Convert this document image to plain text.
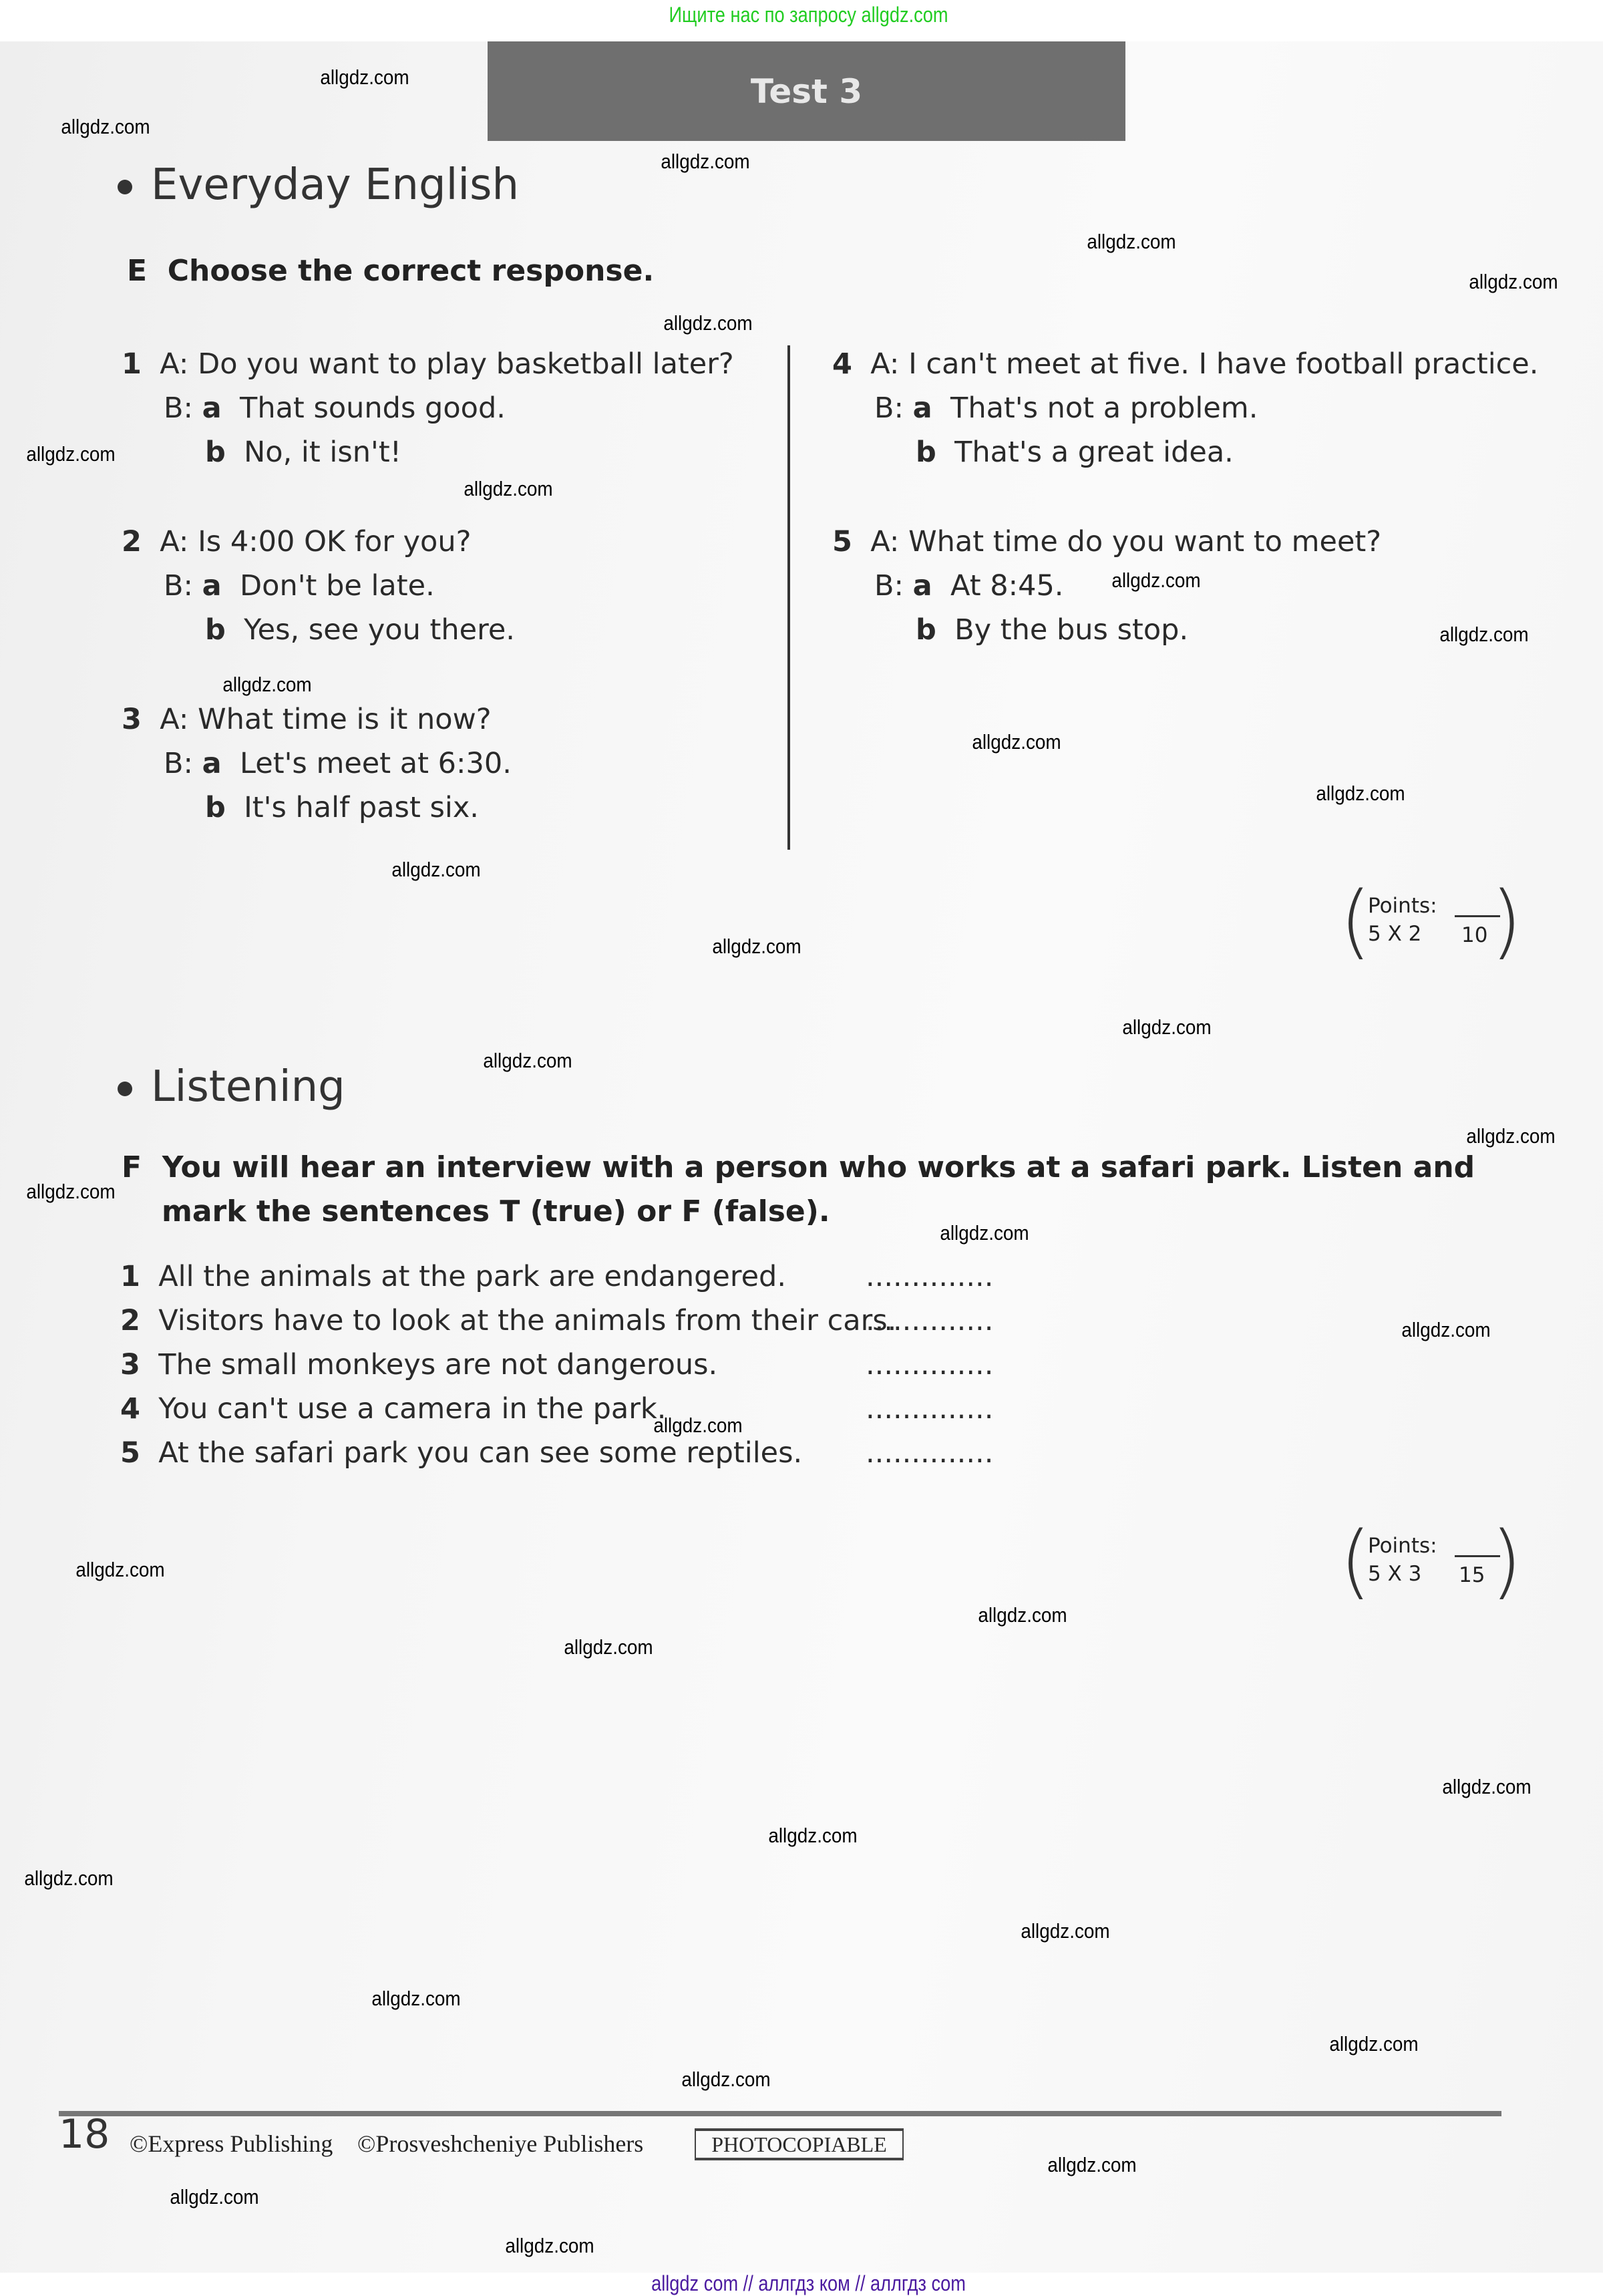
Ищите нас по запросу allgdz.com
Test 3
Everyday English
E Choose the correct response.
1 A: Do you want to play basketball later?
B: a That sounds good.
b No, it isn't!
2 A: Is 4:00 OK for you?
B: a Don't be late.
b Yes, see you there.
3 A: What time is it now?
B: a Let's meet at 6:30.
b It's half past six.
4 A: I can't meet at five. I have football practice.
B: a That's not a problem.
b That's a great idea.
5 A: What time do you want to meet?
B: a At 8:45.
b By the bus stop.
(
Points:
5 X 2 10 )
Listening
F You will hear an interview with a person who works at a safari park. Listen and
mark the sentences T (true) or F (false).
1 All the animals at the park are endangered.	..............
2 Visitors have to look at the animals from their cars.
..............
3 The small monkeys are not dangerous.	..............
4 You can't use a camera in the park.	..............
5 At the safari park you can see some reptiles. ..............
(
Points:
5 X 3 15 )
18 ©Express Publishing ©Prosveshcheniye Publishers	PHOTOCOPIABLE
allgdz com // аллгдз ком // аллгдз com
allgdz.com
allgdz.com
allgdz.com
allgdz.com
allgdz.com
allgdz.com
allgdz.com
allgdz.com
allgdz.com
allgdz.com
allgdz.com
allgdz.com
allgdz.com
allgdz.com
allgdz.com
allgdz.com
allgdz.com
allgdz.com
allgdz.com
allgdz.com
allgdz.com
allgdz.com
allgdz.com
allgdz.com
allgdz.com
allgdz.com
allgdz.com
allgdz.com
allgdz.com
allgdz.com
allgdz.com
allgdz.com
allgdz.com
allgdz.com
allgdz.com
